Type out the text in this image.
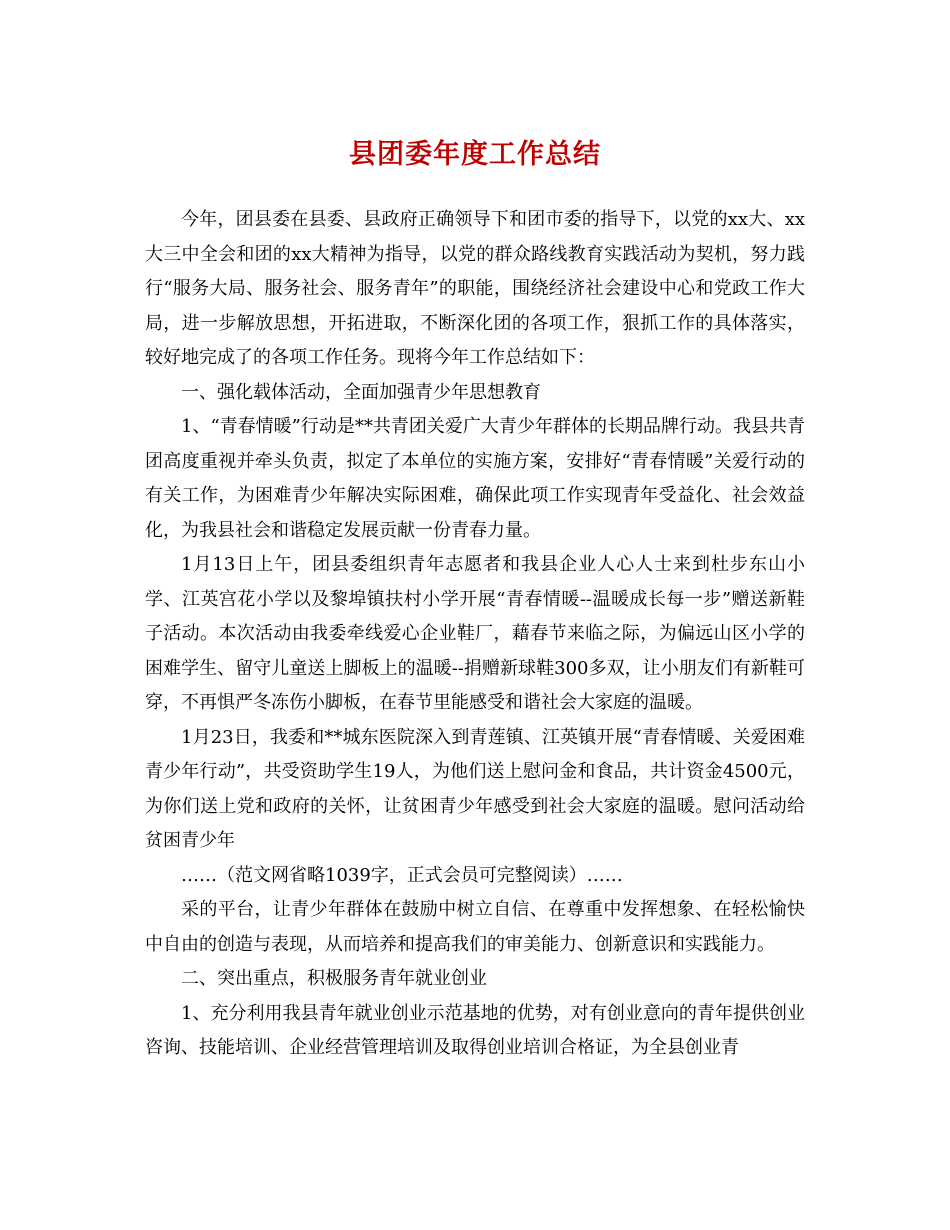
县团委年度工作总结

今年，团县委在县委、县政府正确领导下和团市委的指导下，以党的xx大、xx大三中全会和团的xx大精神为指导，以党的群众路线教育实践活动为契机，努力践行“服务大局、服务社会、服务青年”的职能，围绕经济社会建设中心和党政工作大局，进一步解放思想，开拓进取，不断深化团的各项工作，狠抓工作的具体落实，较好地完成了的各项工作任务。现将今年工作总结如下：

一、强化载体活动，全面加强青少年思想教育

1、“青春情暖”行动是**共青团关爱广大青少年群体的长期品牌行动。我县共青团高度重视并牵头负责，拟定了本单位的实施方案，安排好“青春情暖”关爱行动的有关工作，为困难青少年解决实际困难，确保此项工作实现青年受益化、社会效益化，为我县社会和谐稳定发展贡献一份青春力量。

1月13日上午，团县委组织青年志愿者和我县企业人心人士来到杜步东山小学、江英宫花小学以及黎埠镇扶村小学开展“青春情暖--温暖成长每一步”赠送新鞋子活动。本次活动由我委牵线爱心企业鞋厂，藉春节来临之际，为偏远山区小学的困难学生、留守儿童送上脚板上的温暖--捐赠新球鞋300多双，让小朋友们有新鞋可穿，不再惧严冬冻伤小脚板，在春节里能感受和谐社会大家庭的温暖。

1月23日，我委和**城东医院深入到青莲镇、江英镇开展“青春情暖、关爱困难青少年行动”，共受资助学生19人，为他们送上慰问金和食品，共计资金4500元，为你们送上党和政府的关怀，让贫困青少年感受到社会大家庭的温暖。慰问活动给贫困青少年

……（范文网省略1039字，正式会员可完整阅读）……

采的平台，让青少年群体在鼓励中树立自信、在尊重中发挥想象、在轻松愉快中自由的创造与表现，从而培养和提高我们的审美能力、创新意识和实践能力。

二、突出重点，积极服务青年就业创业

1、充分利用我县青年就业创业示范基地的优势，对有创业意向的青年提供创业咨询、技能培训、企业经营管理培训及取得创业培训合格证，为全县创业青
